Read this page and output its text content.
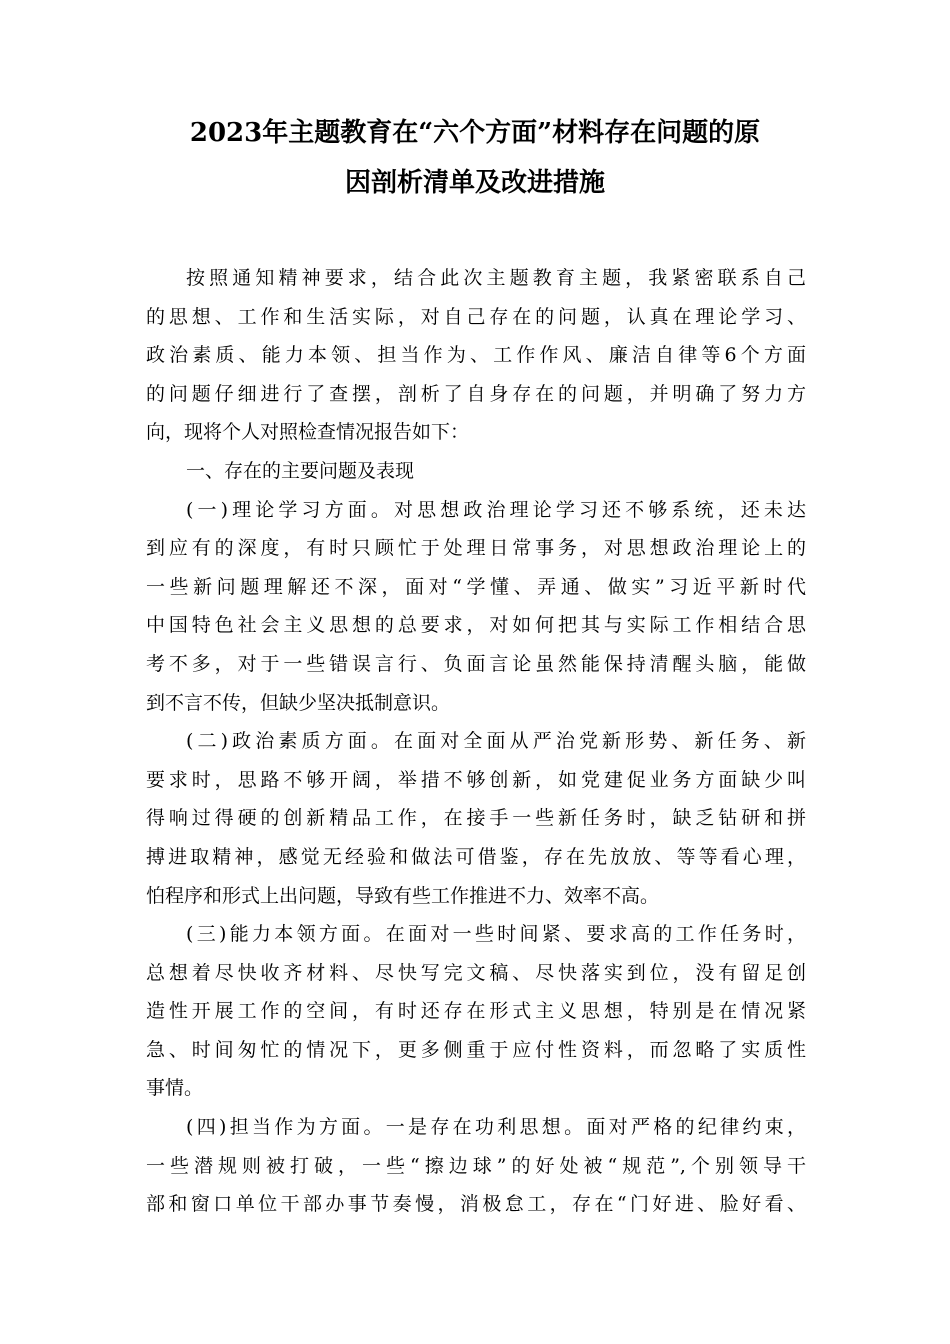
2023年主题教育在“六个方面”材料存在问题的原
因剖析清单及改进措施
按照通知精神要求，结合此次主题教育主题，我紧密联系自己
的思想、工作和生活实际，对自己存在的问题，认真在理论学习、
政治素质、能力本领、担当作为、工作作风、廉洁自律等6个方面
的问题仔细进行了查摆，剖析了自身存在的问题，并明确了努力方
向，现将个人对照检查情况报告如下：
一、存在的主要问题及表现
(一)理论学习方面。对思想政治理论学习还不够系统，还未达
到应有的深度，有时只顾忙于处理日常事务，对思想政治理论上的
一些新问题理解还不深，面对“学懂、弄通、做实”习近平新时代
中国特色社会主义思想的总要求，对如何把其与实际工作相结合思
考不多，对于一些错误言行、负面言论虽然能保持清醒头脑，能做
到不言不传，但缺少坚决抵制意识。
(二)政治素质方面。在面对全面从严治党新形势、新任务、新
要求时，思路不够开阔，举措不够创新，如党建促业务方面缺少叫
得响过得硬的创新精品工作，在接手一些新任务时，缺乏钻研和拼
搏进取精神，感觉无经验和做法可借鉴，存在先放放、等等看心理，
怕程序和形式上出问题，导致有些工作推进不力、效率不高。
(三)能力本领方面。在面对一些时间紧、要求高的工作任务时，
总想着尽快收齐材料、尽快写完文稿、尽快落实到位，没有留足创
造性开展工作的空间，有时还存在形式主义思想，特别是在情况紧
急、时间匆忙的情况下，更多侧重于应付性资料，而忽略了实质性
事情。
(四)担当作为方面。一是存在功利思想。面对严格的纪律约束，
一些潜规则被打破，一些“擦边球”的好处被“规范”,个别领导干
部和窗口单位干部办事节奏慢，消极怠工，存在“门好进、脸好看、
